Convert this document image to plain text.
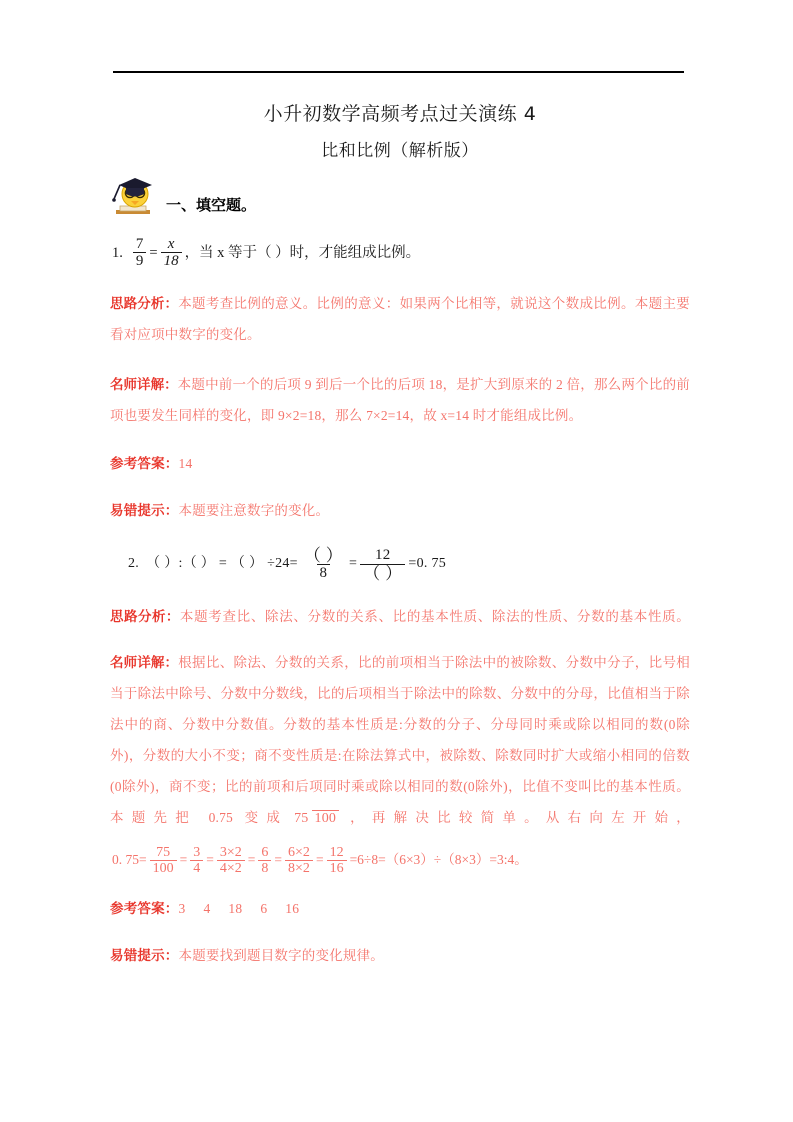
小升初数学高频考点过关演练 4
比和比例（解析版）
一、填空题。
1. $\frac{7}{9} = \frac{x}{18}$ ，当 x 等于（ ）时，才能组成比例。
思路分析：本题考查比例的意义。比例的意义：如果两个比相等，就说这个数成比例。本题主要看对应项中数字的变化。
名师详解：本题中前一个的后项 9 到后一个比的后项 18，是扩大到原来的 2 倍，那么两个比的前项也要发生同样的变化，即 9×2=18，那么 7×2=14，故 x=14 时才能组成比例。
参考答案：14
易错提示：本题要注意数字的变化。
2. （ ）:（ ） = （ ） $\div 24= \frac{( )}{8} = \frac{12}{( )} =0$. 75
思路分析：本题考查比、除法、分数的关系、比的基本性质、除法的性质、分数的基本性质。
名师详解：根据比、除法、分数的关系，比的前项相当于除法中的被除数、分数中分子，比号相当于除法中除号、分数中分数线，比的后项相当于除法中的除数、分数中的分母，比值相当于除法中的商、分数中分数值。分数的基本性质是:分数的分子、分母同时乘或除以相同的数(0除外)，分数的大小不变；商不变性质是:在除法算式中，被除数、除数同时扩大或缩小相同的倍数(0除外)，商不变；比的前项和后项同时乘或除以相同的数(0除外)，比值不变叫比的基本性质。本题先把 0.75 变成 75 100 ，再解决比较简单。从右向左开始，
0. $75= \frac{75}{100} = \frac{3}{4} = \frac{3\times 2}{4\times 2} = \frac{6}{8} = \frac{6\times 2}{8\times 2} = \frac{12}{16}$ =6÷8=（6×3）÷（8×3）=3:4。
参考答案：3 4 18 6 16
易错提示：本题要找到题目数字的变化规律。
